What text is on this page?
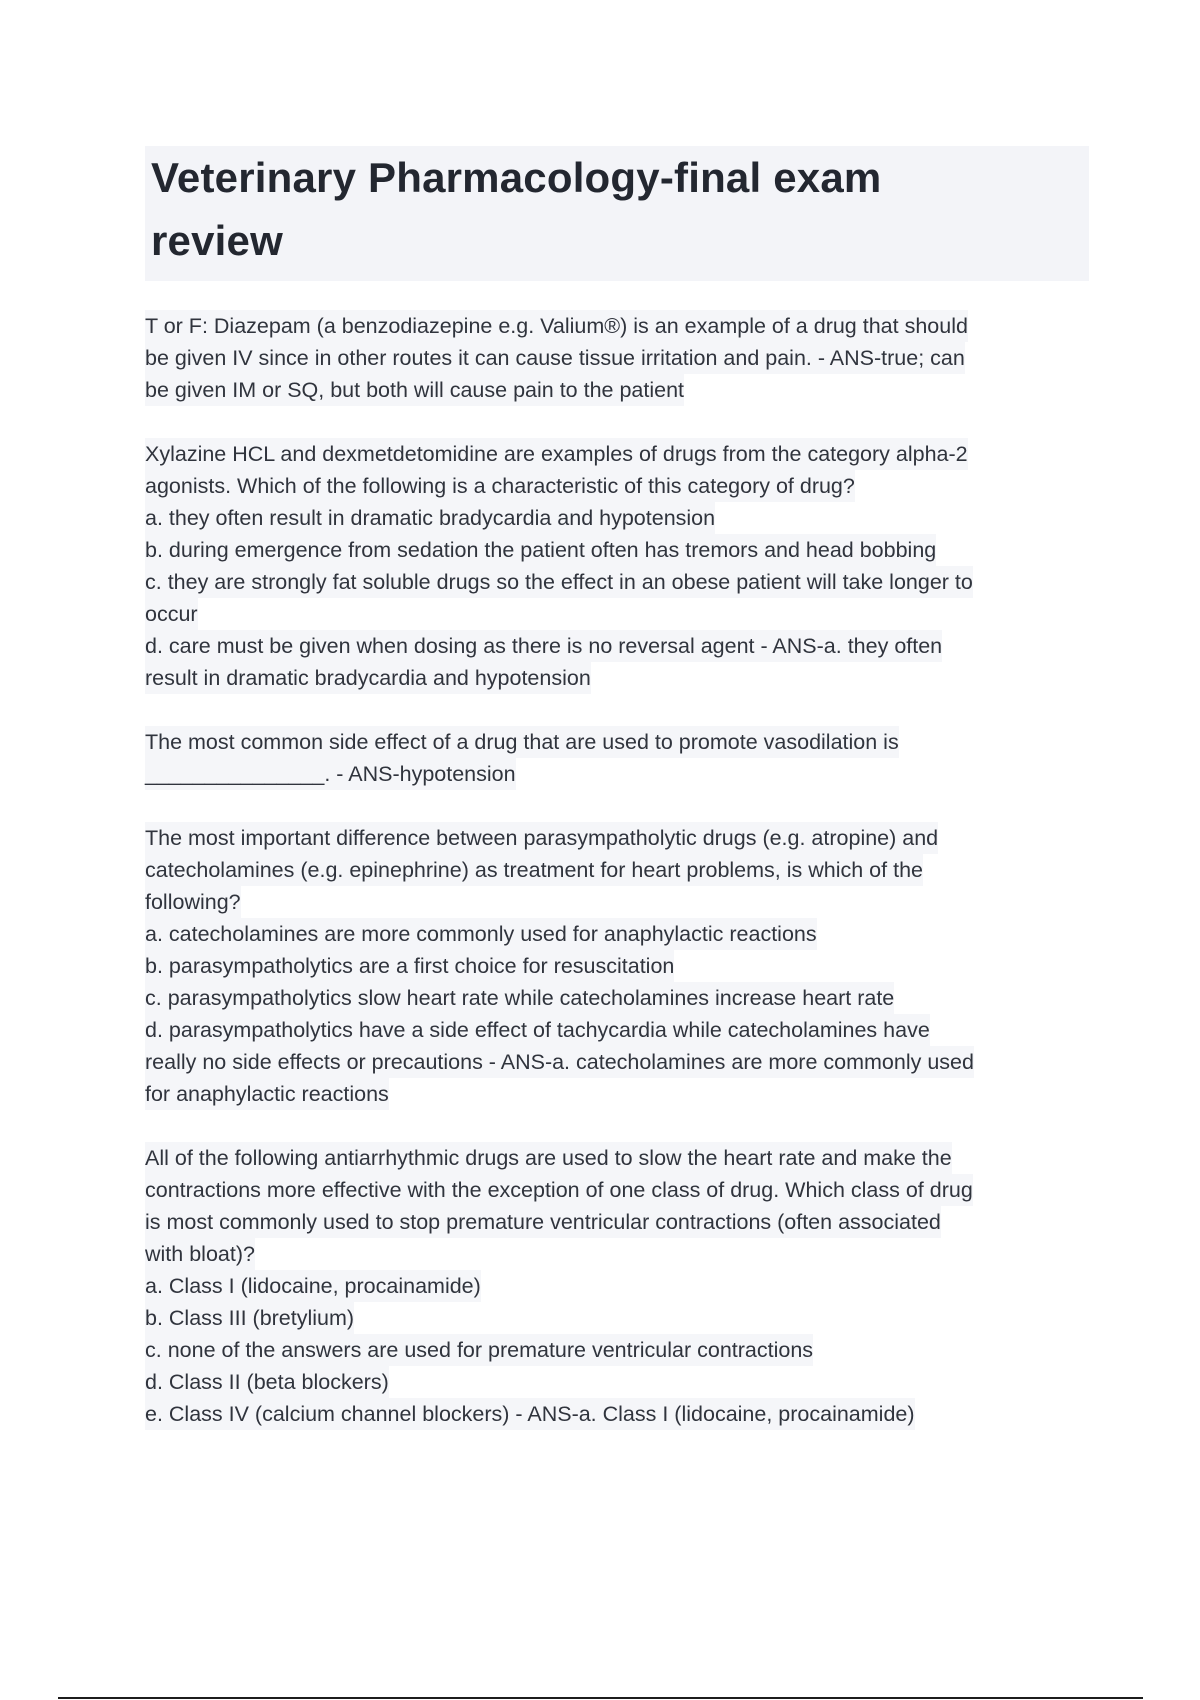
Veterinary Pharmacology-final exam
review
T or F: Diazepam (a benzodiazepine e.g. Valium®) is an example of a drug that should
be given IV since in other routes it can cause tissue irritation and pain. - ANS-true; can
be given IM or SQ, but both will cause pain to the patient
Xylazine HCL and dexmetdetomidine are examples of drugs from the category alpha-2
agonists. Which of the following is a characteristic of this category of drug?
a. they often result in dramatic bradycardia and hypotension
b. during emergence from sedation the patient often has tremors and head bobbing
c. they are strongly fat soluble drugs so the effect in an obese patient will take longer to
occur
d. care must be given when dosing as there is no reversal agent - ANS-a. they often
result in dramatic bradycardia and hypotension
The most common side effect of a drug that are used to promote vasodilation is
_______________. - ANS-hypotension
The most important difference between parasympatholytic drugs (e.g. atropine) and
catecholamines (e.g. epinephrine) as treatment for heart problems, is which of the
following?
a. catecholamines are more commonly used for anaphylactic reactions
b. parasympatholytics are a first choice for resuscitation
c. parasympatholytics slow heart rate while catecholamines increase heart rate
d. parasympatholytics have a side effect of tachycardia while catecholamines have
really no side effects or precautions - ANS-a. catecholamines are more commonly used
for anaphylactic reactions
All of the following antiarrhythmic drugs are used to slow the heart rate and make the
contractions more effective with the exception of one class of drug. Which class of drug
is most commonly used to stop premature ventricular contractions (often associated
with bloat)?
a. Class I (lidocaine, procainamide)
b. Class III (bretylium)
c. none of the answers are used for premature ventricular contractions
d. Class II (beta blockers)
e. Class IV (calcium channel blockers) - ANS-a. Class I (lidocaine, procainamide)
